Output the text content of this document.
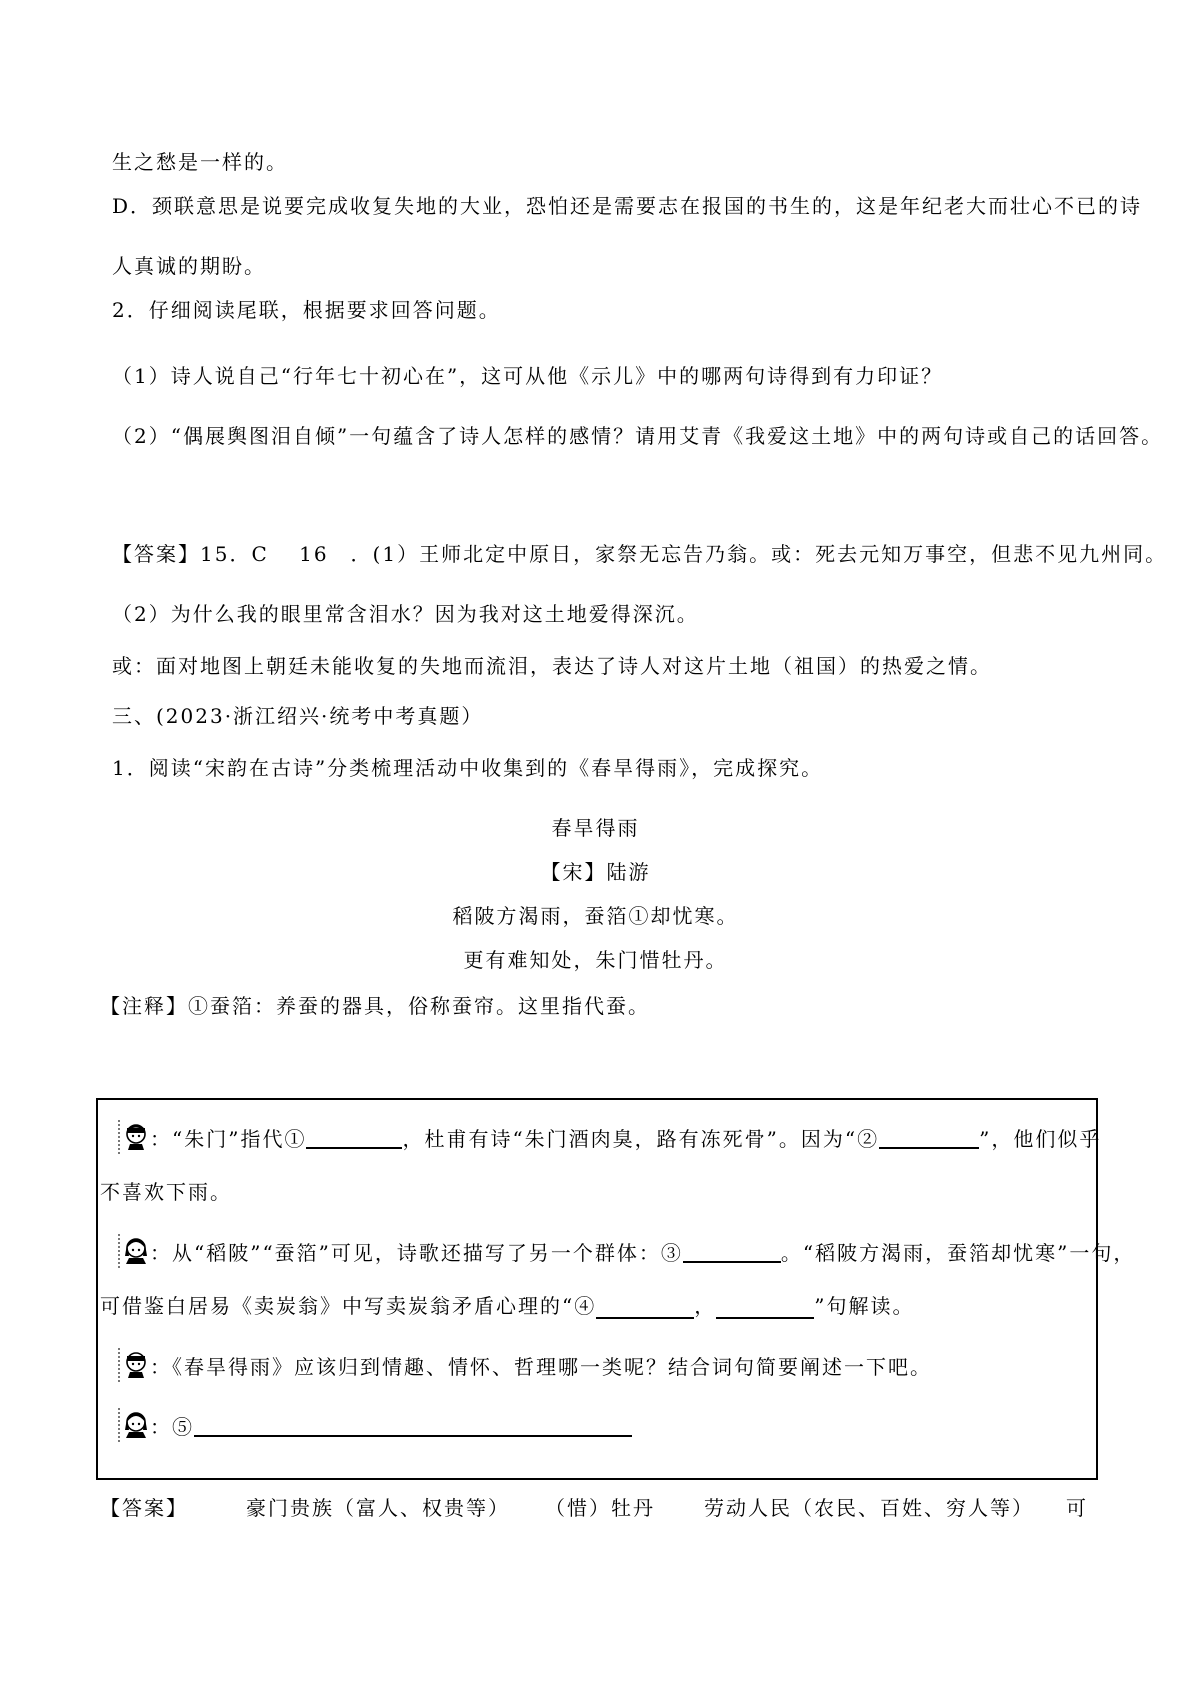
生之愁是一样的。
D．颈联意思是说要完成收复失地的大业，恐怕还是需要志在报国的书生的，这是年纪老大而壮心不已的诗
人真诚的期盼。
2．仔细阅读尾联，根据要求回答问题。
（1）诗人说自己“行年七十初心在”，这可从他《示儿》中的哪两句诗得到有力印证？
（2）“偶展舆图泪自倾”一句蕴含了诗人怎样的感情？请用艾青《我爱这土地》中的两句诗或自己的话回答。
【答案】15．C　 16　．(1）王师北定中原日，家祭无忘告乃翁。或：死去元知万事空，但悲不见九州同。
（2）为什么我的眼里常含泪水？因为我对这土地爱得深沉。
或：面对地图上朝廷未能收复的失地而流泪，表达了诗人对这片土地（祖国）的热爱之情。
三、(2023·浙江绍兴·统考中考真题）
1．阅读“宋韵在古诗”分类梳理活动中收集到的《春旱得雨》，完成探究。
春旱得雨
【宋】陆游
稻陂方渴雨，蚕箔①却忧寒。
更有难知处，朱门惜牡丹。
【注释】①蚕箔：养蚕的器具，俗称蚕帘。这里指代蚕。
：“朱门”指代①	，杜甫有诗“朱门酒肉臭，路有冻死骨”。因为“②	”，他们似乎
不喜欢下雨。
：从“稻陂”“蚕箔”可见，诗歌还描写了另一个群体：③	。“稻陂方渴雨，蚕箔却忧寒”一句，
可借鉴白居易《卖炭翁》中写卖炭翁矛盾心理的“④	，	”句解读。
：《春旱得雨》应该归到情趣、情怀、哲理哪一类呢？结合词句简要阐述一下吧。
：⑤
【答案】	豪门贵族（富人、权贵等） （惜）牡丹 劳动人民（农民、百姓、穷人等） 可
